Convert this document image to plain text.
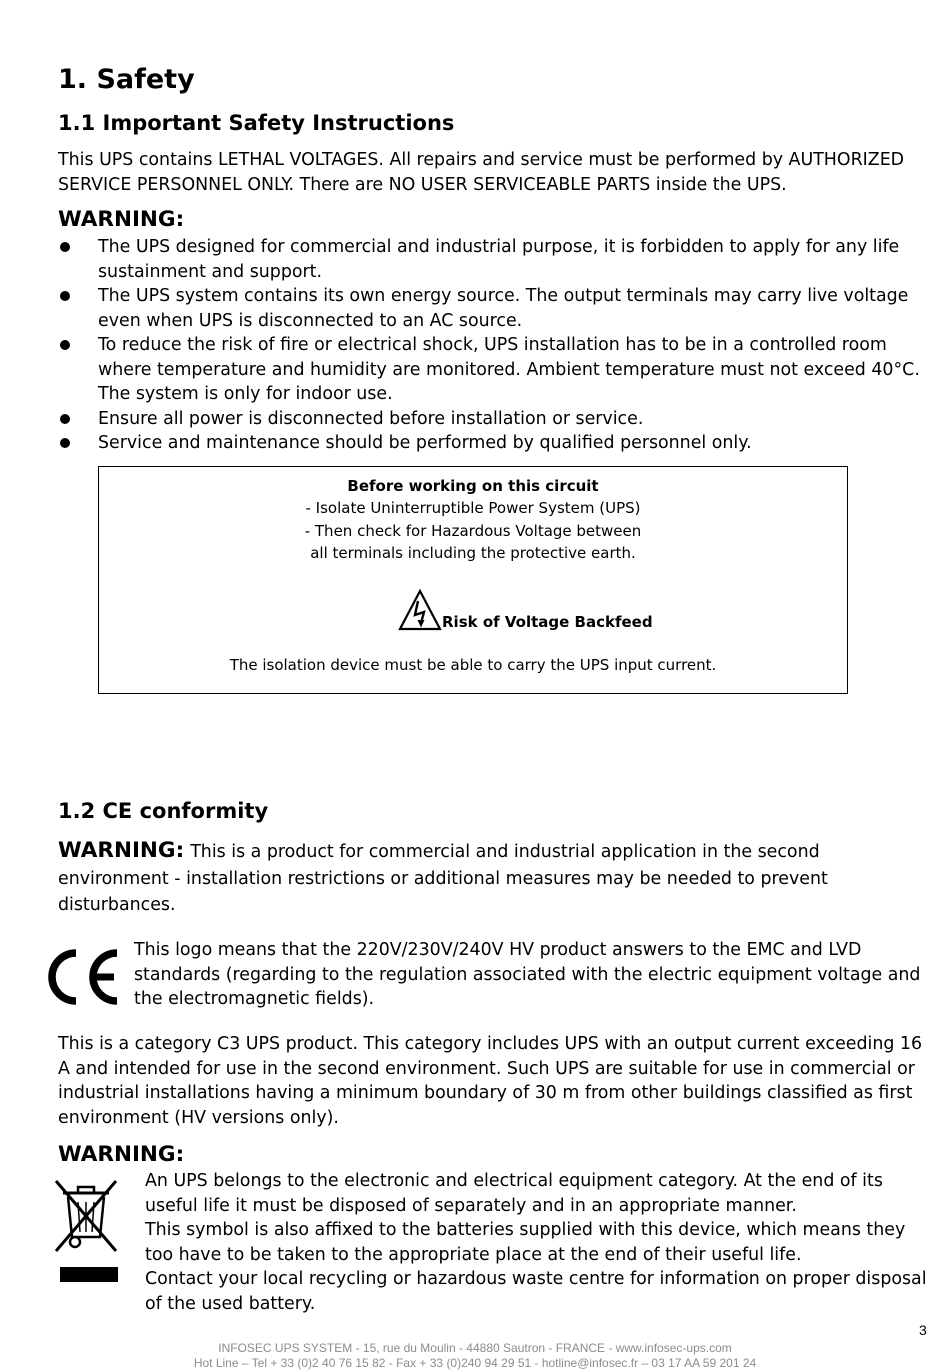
1. Safety
1.1 Important Safety Instructions
This UPS contains LETHAL VOLTAGES. All repairs and service must be performed by AUTHORIZED
SERVICE PERSONNEL ONLY. There are NO USER SERVICEABLE PARTS inside the UPS.
WARNING:
The UPS designed for commercial and industrial purpose, it is forbidden to apply for any life
sustainment and support.
The UPS system contains its own energy source. The output terminals may carry live voltage
even when UPS is disconnected to an AC source.
To reduce the risk of fire or electrical shock, UPS installation has to be in a controlled room
where temperature and humidity are monitored. Ambient temperature must not exceed 40°C.
The system is only for indoor use.
Ensure all power is disconnected before installation or service.
Service and maintenance should be performed by qualified personnel only.
Before working on this circuit
- Isolate Uninterruptible Power System (UPS)
- Then check for Hazardous Voltage between
all terminals including the protective earth.
Risk of Voltage Backfeed
The isolation device must be able to carry the UPS input current.
1.2 CE conformity
WARNING: This is a product for commercial and industrial application in the second
environment - installation restrictions or additional measures may be needed to prevent
disturbances.
This logo means that the 220V/230V/240V HV product answers to the EMC and LVD
standards (regarding to the regulation associated with the electric equipment voltage and
the electromagnetic fields).
This is a category C3 UPS product. This category includes UPS with an output current exceeding 16
A and intended for use in the second environment. Such UPS are suitable for use in commercial or
industrial installations having a minimum boundary of 30 m from other buildings classified as first
environment (HV versions only).
WARNING:
An UPS belongs to the electronic and electrical equipment category. At the end of its
useful life it must be disposed of separately and in an appropriate manner.
This symbol is also affixed to the batteries supplied with this device, which means they
too have to be taken to the appropriate place at the end of their useful life.
Contact your local recycling or hazardous waste centre for information on proper disposal
of the used battery.
3
INFOSEC UPS SYSTEM - 15, rue du Moulin - 44880 Sautron - FRANCE - www.infosec-ups.com
Hot Line – Tel + 33 (0)2 40 76 15 82 - Fax + 33 (0)240 94 29 51 - hotline@infosec.fr – 03 17 AA 59 201 24
